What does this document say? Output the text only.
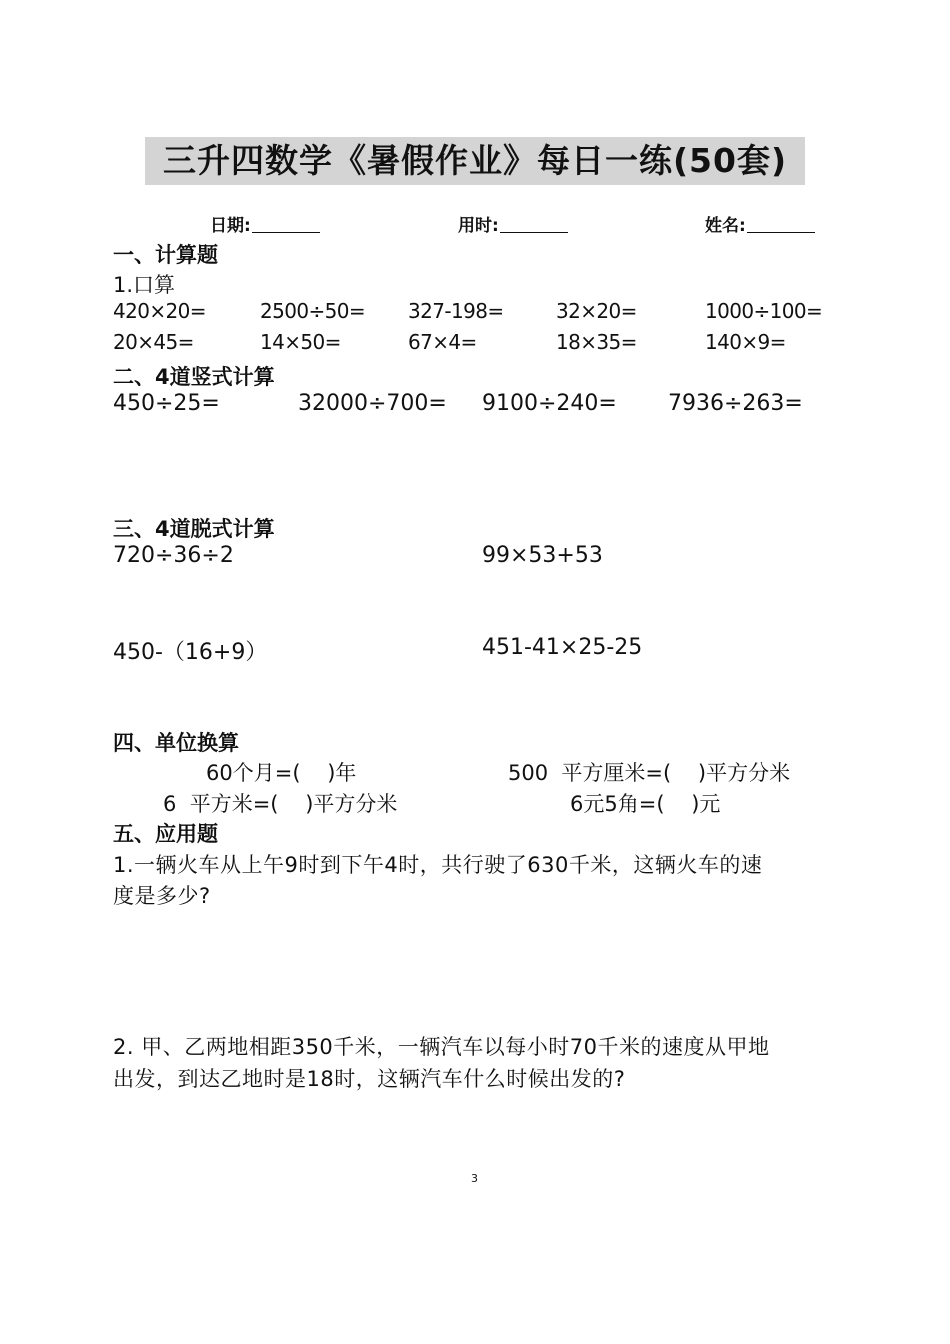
三升四数学《暑假作业》每日一练(50套)
日期:	用时:	姓名:
一、计算题
1.口算
420×20=	2500÷50= 327-198=	32×20=	1000÷100=
20×45=	14×50=	67×4=	18×35=	140×9=
二、4道竖式计算
450÷25=	32000÷700= 9100÷240= 7936÷263=
三、4道脱式计算
720÷36÷2	99×53+53
450-（16+9）	451-41×25-25
四、单位换算
60个月=(    )年	500  平方厘米=(    )平方分米
6  平方米=(    )平方分米	6元5角=(    )元
五、应用题
1.一辆火车从上午9时到下午4时，共行驶了630千米，这辆火车的速
度是多少?
2. 甲、乙两地相距350千米，一辆汽车以每小时70千米的速度从甲地
出发，到达乙地时是18时，这辆汽车什么时候出发的?
3
